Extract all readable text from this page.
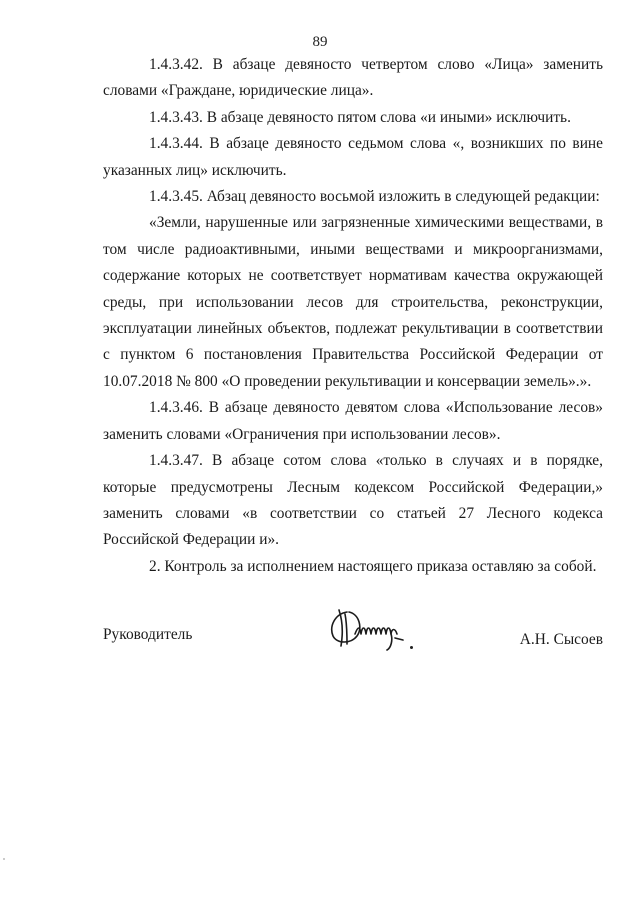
89

1.4.3.42. В абзаце девяносто четвертом слово «Лица» заменить словами «Граждане, юридические лица».

1.4.3.43. В абзаце девяносто пятом слова «и иными» исключить.

1.4.3.44. В абзаце девяносто седьмом слова «, возникших по вине указанных лиц» исключить.

1.4.3.45. Абзац девяносто восьмой изложить в следующей редакции:

«Земли, нарушенные или загрязненные химическими веществами, в том числе радиоактивными, иными веществами и микроорганизмами, содержание которых не соответствует нормативам качества окружающей среды, при использовании лесов для строительства, реконструкции, эксплуатации линейных объектов, подлежат рекультивации в соответствии с пунктом 6 постановления Правительства Российской Федерации от 10.07.2018 № 800 «О проведении рекультивации и консервации земель».».

1.4.3.46. В абзаце девяносто девятом слова «Использование лесов» заменить словами «Ограничения при использовании лесов».

1.4.3.47. В абзаце сотом слова «только в случаях и в порядке, которые предусмотрены Лесным кодексом Российской Федерации,» заменить словами «в соответствии со статьей 27 Лесного кодекса Российской Федерации и».

2. Контроль за исполнением настоящего приказа оставляю за собой.

Руководитель	А.Н. Сысоев
